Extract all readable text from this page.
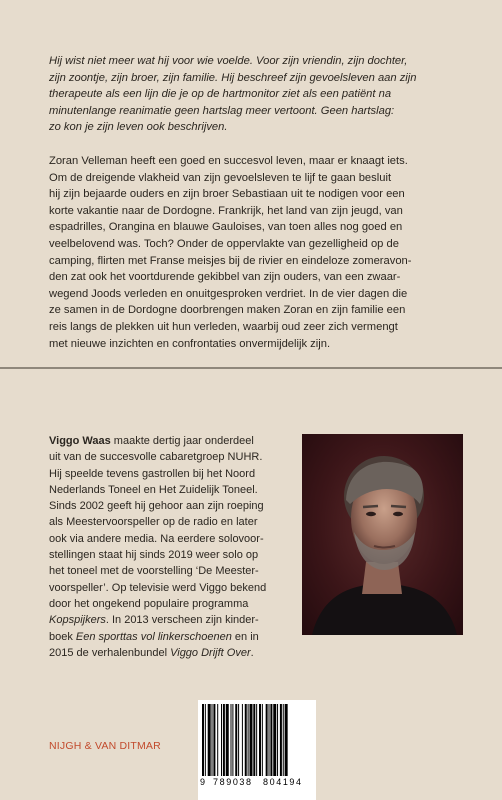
Hij wist niet meer wat hij voor wie voelde. Voor zijn vriendin, zijn dochter,

zijn zoontje, zijn broer, zijn familie. Hij beschreef zijn gevoelsleven aan zijn

therapeute als een lijn die je op de hartmonitor ziet als een patiënt na

minutenlange reanimatie geen hartslag meer vertoont. Geen hartslag:

zo kon je zijn leven ook beschrijven.

Zoran Velleman heeft een goed en succesvol leven, maar er knaagt iets.

Om de dreigende vlakheid van zijn gevoelsleven te lijf te gaan besluit

hij zijn bejaarde ouders en zijn broer Sebastiaan uit te nodigen voor een

korte vakantie naar de Dordogne. Frankrijk, het land van zijn jeugd, van

espadrilles, Orangina en blauwe Gauloises, van toen alles nog goed en

veelbelovend was. Toch? Onder de oppervlakte van gezelligheid op de

camping, flirten met Franse meisjes bij de rivier en eindeloze zomeravon-

den zat ook het voortdurende gekibbel van zijn ouders, van een zwaar-

wegend Joods verleden en onuitgesproken verdriet. In de vier dagen die

ze samen in de Dordogne doorbrengen maken Zoran en zijn familie een

reis langs de plekken uit hun verleden, waarbij oud zeer zich vermengt

met nieuwe inzichten en confrontaties onvermijdelijk zijn.

Viggo Waas maakte dertig jaar onderdeel
uit van de succesvolle cabaretgroep NUHR.
Hij speelde tevens gastrollen bij het Noord
Nederlands Toneel en Het Zuidelijk Toneel.
Sinds 2002 geeft hij gehoor aan zijn roeping
als Meestervoorspeller op de radio en later
ook via andere media. Na eerdere solovoor-
stellingen staat hij sinds 2019 weer solo op
het toneel met de voorstelling ‘De Meester-
voorspeller’. Op televisie werd Viggo bekend
door het ongekend populaire programma
Kopspijkers. In 2013 verscheen zijn kinder-
boek Een sporttas vol linkerschoenen en in
2015 de verhalenbundel Viggo Drijft Over.
NIJGH & VAN DITMAR
9 789038 804194
